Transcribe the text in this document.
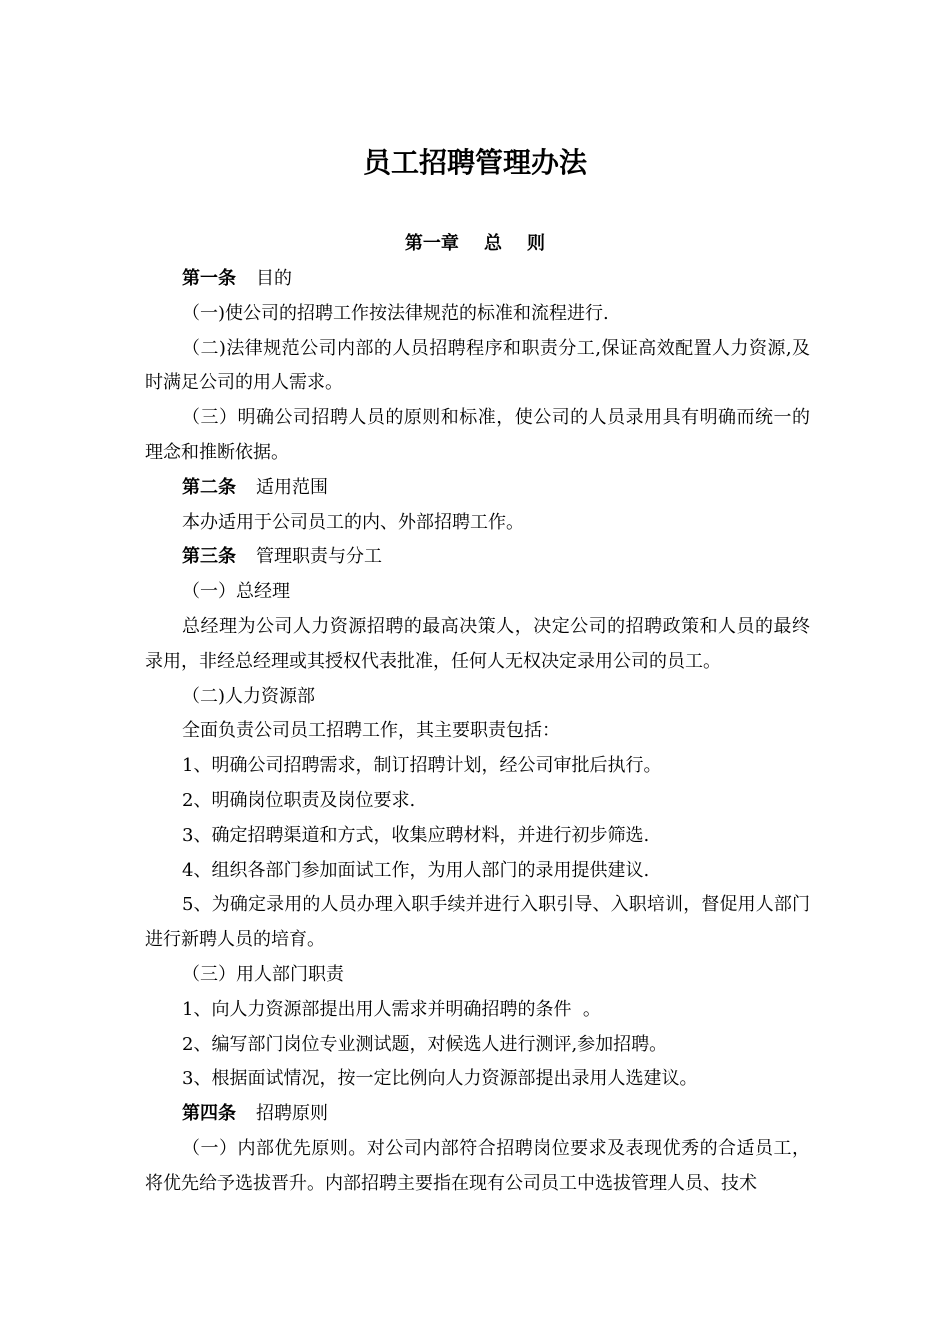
员工招聘管理办法
第一章    总    则

第一条 目的

（一)使公司的招聘工作按法律规范的标准和流程进行.

（二)法律规范公司内部的人员招聘程序和职责分工,保证高效配置人力资源,及时满足公司的用人需求。

（三）明确公司招聘人员的原则和标准，使公司的人员录用具有明确而统一的理念和推断依据。

第二条 适用范围

本办适用于公司员工的内、外部招聘工作。

第三条 管理职责与分工

（一）总经理

总经理为公司人力资源招聘的最高决策人，决定公司的招聘政策和人员的最终录用，非经总经理或其授权代表批准，任何人无权决定录用公司的员工。

（二)人力资源部

全面负责公司员工招聘工作，其主要职责包括：

1、明确公司招聘需求，制订招聘计划，经公司审批后执行。

2、明确岗位职责及岗位要求.

3、确定招聘渠道和方式，收集应聘材料，并进行初步筛选.

4、组织各部门参加面试工作，为用人部门的录用提供建议.

5、为确定录用的人员办理入职手续并进行入职引导、入职培训，督促用人部门进行新聘人员的培育。

（三）用人部门职责

1、向人力资源部提出用人需求并明确招聘的条件  。

2、编写部门岗位专业测试题，对候选人进行测评,参加招聘。

3、根据面试情况，按一定比例向人力资源部提出录用人选建议。

第四条 招聘原则

（一）内部优先原则。对公司内部符合招聘岗位要求及表现优秀的合适员工，将优先给予选拔晋升。内部招聘主要指在现有公司员工中选拔管理人员、技术
